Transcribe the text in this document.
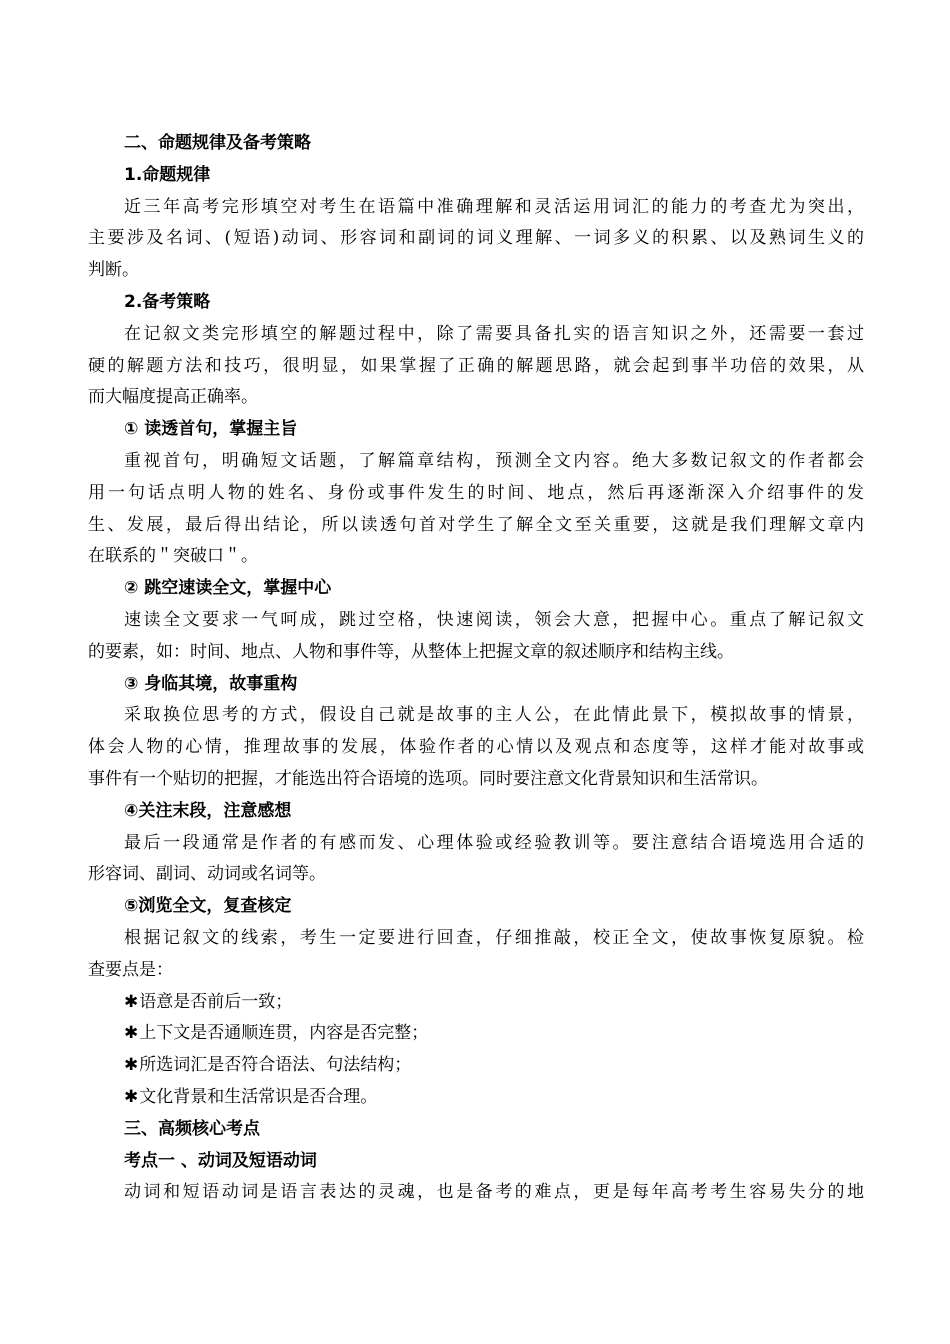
二、命题规律及备考策略
1.命题规律
近三年高考完形填空对考生在语篇中准确理解和灵活运用词汇的能力的考查尤为突出，
主要涉及名词、(短语)动词、形容词和副词的词义理解、一词多义的积累、以及熟词生义的
判断。
2.备考策略
在记叙文类完形填空的解题过程中，除了需要具备扎实的语言知识之外，还需要一套过
硬的解题方法和技巧，很明显，如果掌握了正确的解题思路，就会起到事半功倍的效果，从
而大幅度提高正确率。
① 读透首句，掌握主旨
重视首句，明确短文话题，了解篇章结构，预测全文内容。绝大多数记叙文的作者都会
用一句话点明人物的姓名、身份或事件发生的时间、地点，然后再逐渐深入介绍事件的发
生、发展，最后得出结论，所以读透句首对学生了解全文至关重要，这就是我们理解文章内
在联系的＂突破口＂。
② 跳空速读全文，掌握中心
速读全文要求一气呵成，跳过空格，快速阅读，领会大意，把握中心。重点了解记叙文
的要素，如：时间、地点、人物和事件等，从整体上把握文章的叙述顺序和结构主线。
③ 身临其境，故事重构
采取换位思考的方式，假设自己就是故事的主人公，在此情此景下，模拟故事的情景，
体会人物的心情，推理故事的发展，体验作者的心情以及观点和态度等，这样才能对故事或
事件有一个贴切的把握，才能选出符合语境的选项。同时要注意文化背景知识和生活常识。
④关注末段，注意感想
最后一段通常是作者的有感而发、心理体验或经验教训等。要注意结合语境选用合适的
形容词、副词、动词或名词等。
⑤浏览全文，复查核定
根据记叙文的线索，考生一定要进行回查，仔细推敲，校正全文，使故事恢复原貌。检
查要点是：
✱语意是否前后一致；
✱上下文是否通顺连贯，内容是否完整；
✱所选词汇是否符合语法、句法结构；
✱文化背景和生活常识是否合理。
三、高频核心考点
考点一 、动词及短语动词
动词和短语动词是语言表达的灵魂，也是备考的难点，更是每年高考考生容易失分的地
